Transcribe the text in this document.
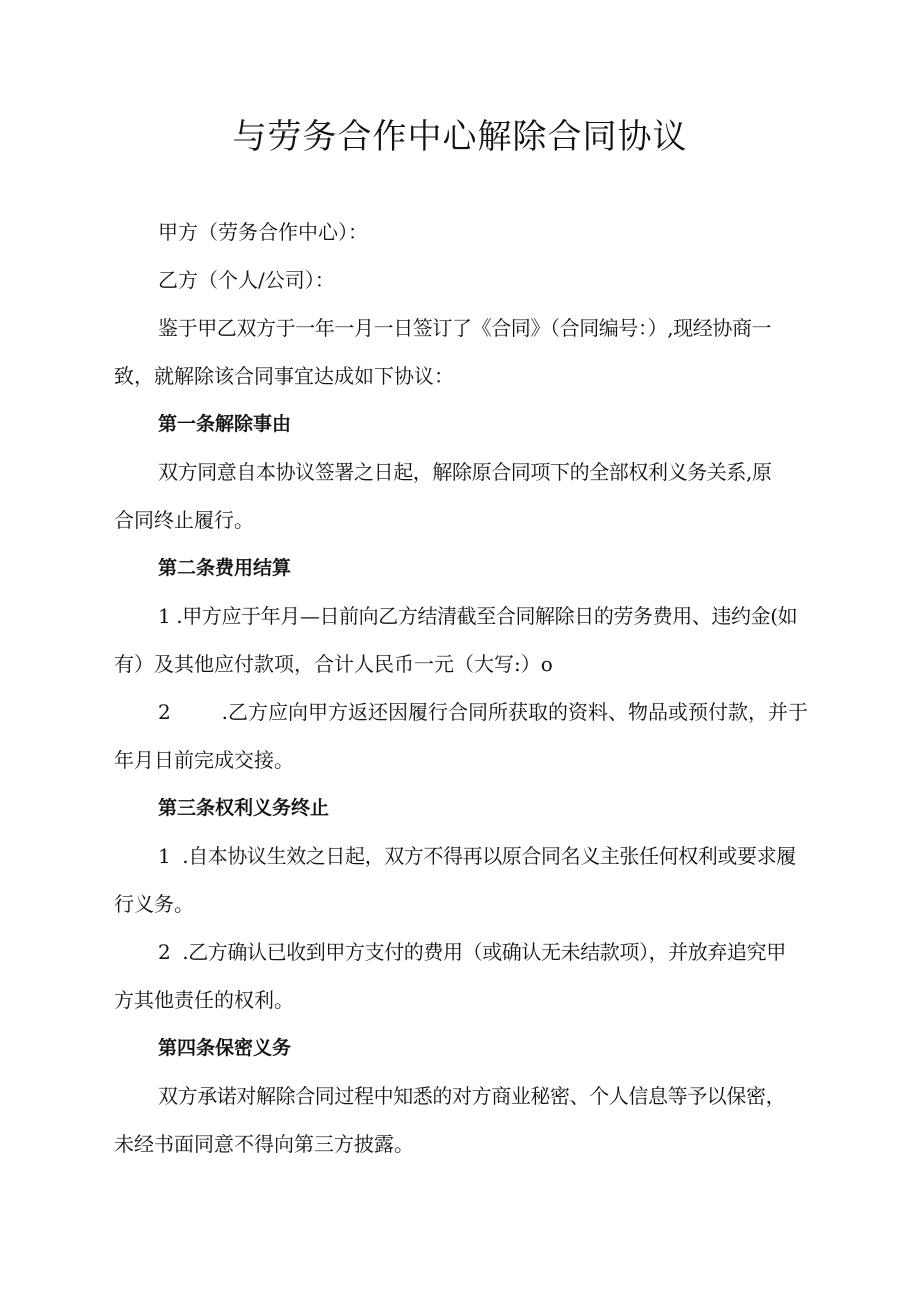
与劳务合作中心解除合同协议

甲方（劳务合作中心）：

乙方（个人/公司）：

鉴于甲乙双方于一年一月一日签订了《合同》（合同编号：）,现经协商一

致，就解除该合同事宜达成如下协议：

第一条解除事由

双方同意自本协议签署之日起，解除原合同项下的全部权利义务关系,原

合同终止履行。

第二条费用结算

1 .甲方应于年月—日前向乙方结清截至合同解除日的劳务费用、违约金(如

有）及其他应付款项，合计人民币一元（大写:）o

2        .乙方应向甲方返还因履行合同所获取的资料、物品或预付款，并于

年月日前完成交接。

第三条权利义务终止

1  .自本协议生效之日起，双方不得再以原合同名义主张任何权利或要求履

行义务。

2  .乙方确认已收到甲方支付的费用（或确认无未结款项），并放弃追究甲

方其他责任的权利。

第四条保密义务

双方承诺对解除合同过程中知悉的对方商业秘密、个人信息等予以保密，

未经书面同意不得向第三方披露。
